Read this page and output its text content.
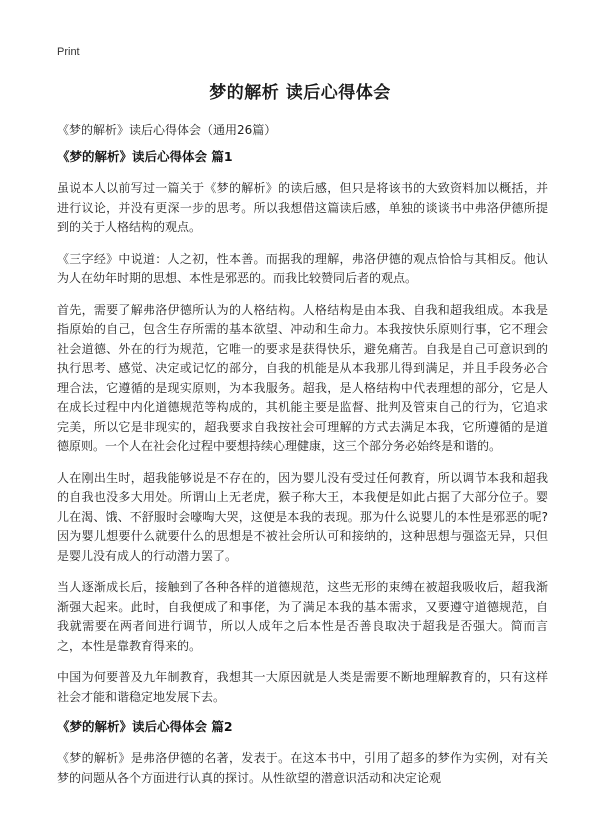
Print
梦的解析 读后心得体会
《梦的解析》读后心得体会（通用26篇）
《梦的解析》读后心得体会 篇1

虽说本人以前写过一篇关于《梦的解析》的读后感，但只是将该书的大致资料加以概括，并进行议论，并没有更深一步的思考。所以我想借这篇读后感，单独的谈谈书中弗洛伊德所提到的关于人格结构的观点。

《三字经》中说道：人之初，性本善。而据我的理解，弗洛伊德的观点恰恰与其相反。他认为人在幼年时期的思想、本性是邪恶的。而我比较赞同后者的观点。

首先，需要了解弗洛伊德所认为的人格结构。人格结构是由本我、自我和超我组成。本我是指原始的自己，包含生存所需的基本欲望、冲动和生命力。本我按快乐原则行事，它不理会社会道德、外在的行为规范，它唯一的要求是获得快乐，避免痛苦。自我是自己可意识到的执行思考、感觉、决定或记忆的部分，自我的机能是从本我那儿得到满足，并且手段务必合理合法，它遵循的是现实原则，为本我服务。超我，是人格结构中代表理想的部分，它是人在成长过程中内化道德规范等构成的，其机能主要是监督、批判及管束自己的行为，它追求完美，所以它是非现实的，超我要求自我按社会可理解的方式去满足本我，它所遵循的是道德原则。一个人在社会化过程中要想持续心理健康，这三个部分务必始终是和谐的。

人在刚出生时，超我能够说是不存在的，因为婴儿没有受过任何教育，所以调节本我和超我的自我也没多大用处。所谓山上无老虎，猴子称大王，本我便是如此占据了大部分位子。婴儿在渴、饿、不舒服时会嚎啕大哭，这便是本我的表现。那为什么说婴儿的本性是邪恶的呢?因为婴儿想要什么就要什么的思想是不被社会所认可和接纳的，这种思想与强盗无异，只但是婴儿没有成人的行动潜力罢了。

当人逐渐成长后，接触到了各种各样的道德规范，这些无形的束缚在被超我吸收后，超我渐渐强大起来。此时，自我便成了和事佬，为了满足本我的基本需求，又要遵守道德规范，自我就需要在两者间进行调节，所以人成年之后本性是否善良取决于超我是否强大。简而言之，本性是靠教育得来的。

中国为何要普及九年制教育，我想其一大原因就是人类是需要不断地理解教育的，只有这样社会才能和谐稳定地发展下去。

《梦的解析》读后心得体会 篇2

《梦的解析》是弗洛伊德的名著，发表于。在这本书中，引用了超多的梦作为实例，对有关梦的问题从各个方面进行认真的探讨。从性欲望的潜意识活动和决定论观
